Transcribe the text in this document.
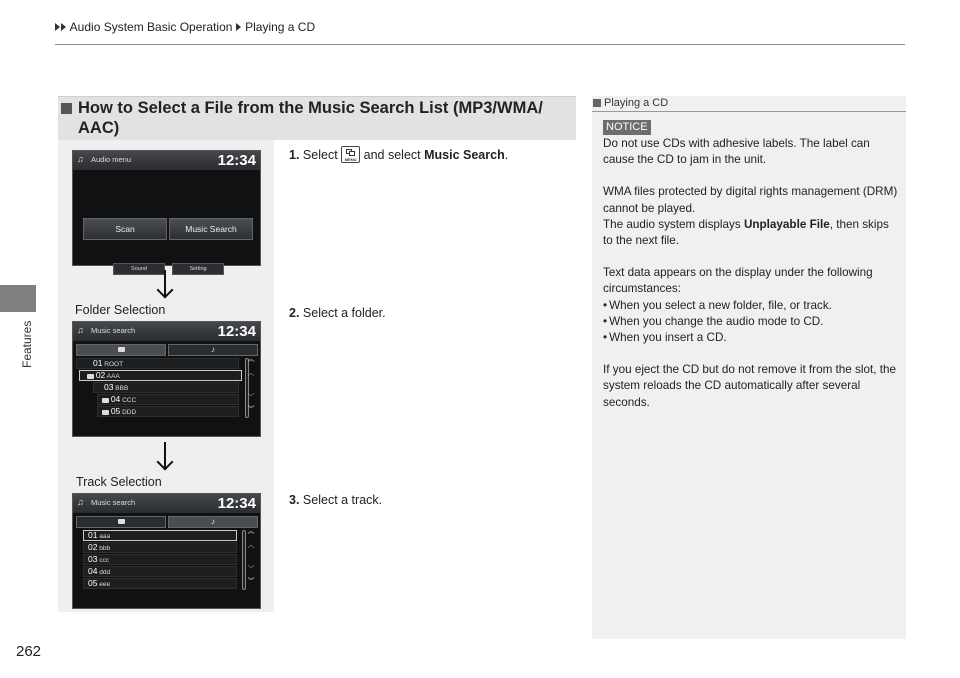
Audio System Basic Operation Playing a CD
Features
How to Select a File from the Music Search List (MP3/WMA/ AAC)
♫ Audio menu	12:34
Scan	Music Search
Sound	Setting
Folder Selection
♫ Music search	12:34
♪
01 ROOT
02 AAA
03 BBB
04 CCC
05 DDD
︽
︿
﹀
︾
Track Selection
♫ Music search	12:34
♪
01 aaa
02 bbb
03 ccc
04 ddd
05 eee
︽
︿
﹀
︾
1. Select	MENU and select Music Search.
2. Select a folder.
3. Select a track.
Playing a CD
NOTICE

Do not use CDs with adhesive labels. The label can cause the CD to jam in the unit.

WMA files protected by digital rights management (DRM) cannot be played.

The audio system displays Unplayable File, then skips to the next file.

Text data appears on the display under the following circumstances:

• When you select a new folder, file, or track.
• When you change the audio mode to CD.

• When you insert a CD.

If you eject the CD but do not remove it from the slot, the system reloads the CD automatically after several seconds.

262
